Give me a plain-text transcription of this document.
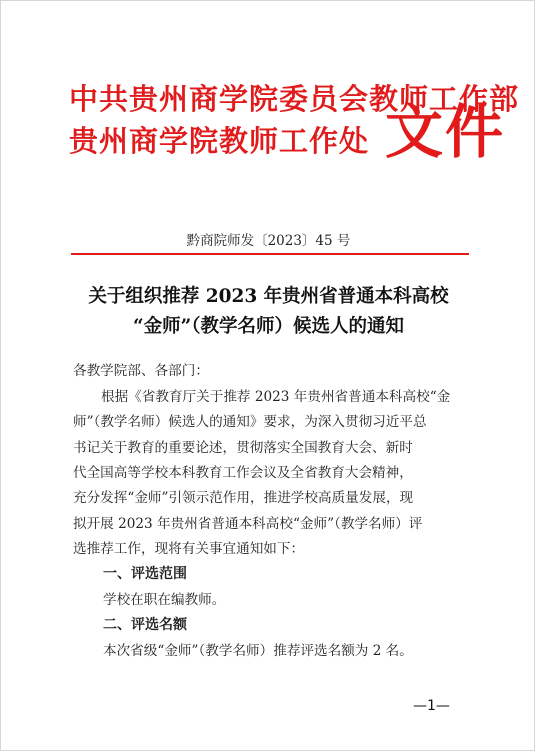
中共贵州商学院委员会教师工作部
贵州商学院教师工作处 文件
黔商院师发〔2023〕45 号
关于组织推荐 2023 年贵州省普通本科高校
“金师”（教学名师）候选人的通知
各教学院部、各部门：
根据《省教育厅关于推荐 2023 年贵州省普通本科高校“金
师”（教学名师）候选人的通知》要求，为深入贯彻习近平总
书记关于教育的重要论述，贯彻落实全国教育大会、新时
代全国高等学校本科教育工作会议及全省教育大会精神，
充分发挥“金师”引领示范作用，推进学校高质量发展，现
拟开展 2023 年贵州省普通本科高校“金师”（教学名师）评
选推荐工作，现将有关事宜通知如下：
一、评选范围
学校在职在编教师。
二、评选名额
本次省级“金师”（教学名师）推荐评选名额为 2 名。
—1—
